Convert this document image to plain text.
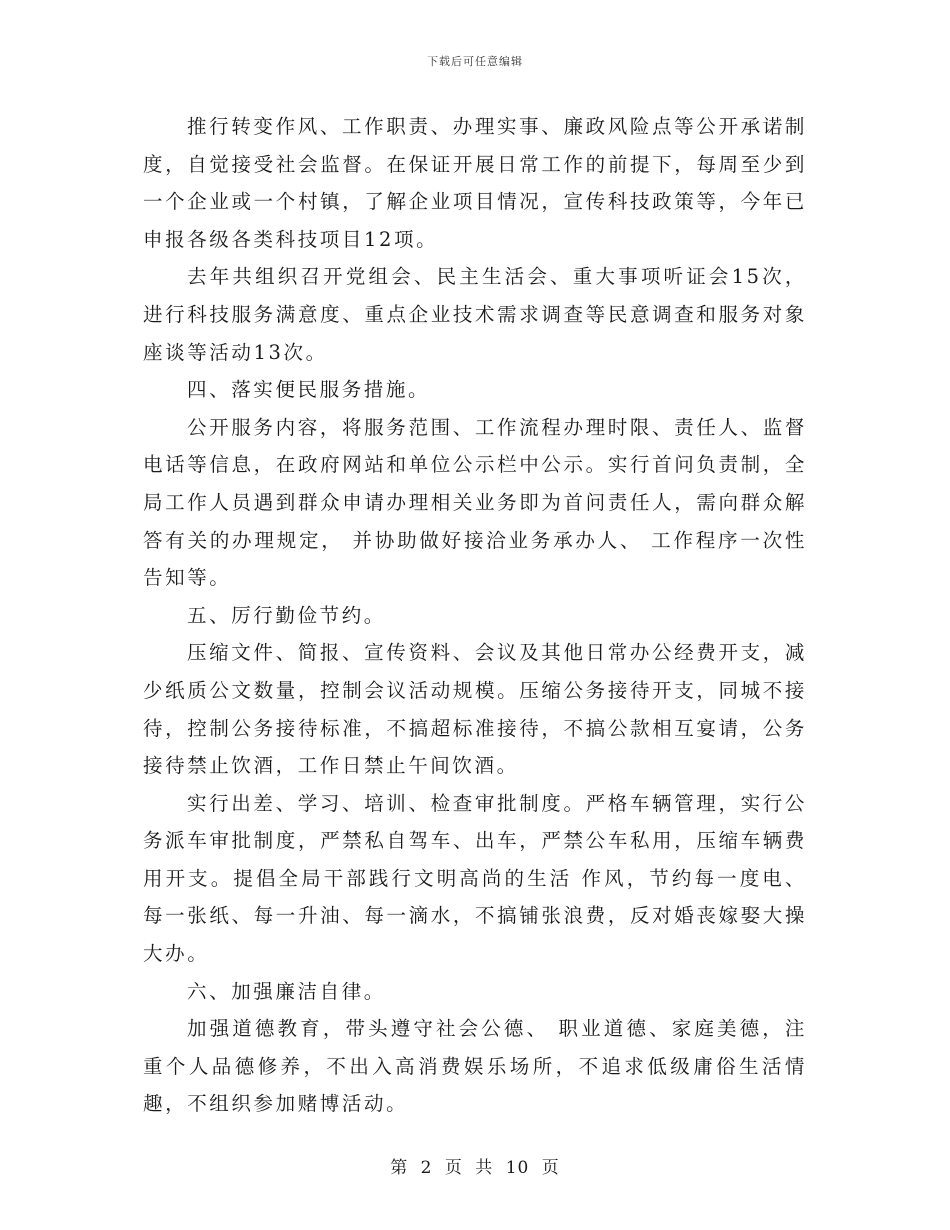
下载后可任意编辑

推行转变作风、工作职责、办理实事、廉政风险点等公开承诺制度，自觉接受社会监督。在保证开展日常工作的前提下，每周至少到一个企业或一个村镇，了解企业项目情况，宣传科技政策等，今年已申报各级各类科技项目12项。

去年共组织召开党组会、民主生活会、重大事项听证会15次，进行科技服务满意度、重点企业技术需求调查等民意调查和服务对象座谈等活动13次。

四、落实便民服务措施。

公开服务内容，将服务范围、工作流程办理时限、责任人、监督电话等信息，在政府网站和单位公示栏中公示。实行首问负责制，全局工作人员遇到群众申请办理相关业务即为首问责任人，需向群众解答有关的办理规定， 并协助做好接洽业务承办人、 工作程序一次性告知等。

五、厉行勤俭节约。

压缩文件、简报、宣传资料、会议及其他日常办公经费开支，减少纸质公文数量，控制会议活动规模。压缩公务接待开支，同城不接待，控制公务接待标准，不搞超标准接待，不搞公款相互宴请，公务接待禁止饮酒，工作日禁止午间饮酒。

实行出差、学习、培训、检查审批制度。严格车辆管理，实行公务派车审批制度，严禁私自驾车、出车，严禁公车私用，压缩车辆费用开支。提倡全局干部践行文明高尚的生活 作风，节约每一度电、每一张纸、每一升油、每一滴水，不搞铺张浪费，反对婚丧嫁娶大操大办。

六、加强廉洁自律。

加强道德教育，带头遵守社会公德、 职业道德、家庭美德，注重个人品德修养，不出入高消费娱乐场所，不追求低级庸俗生活情趣，不组织参加赌博活动。

第 2 页 共 10 页
